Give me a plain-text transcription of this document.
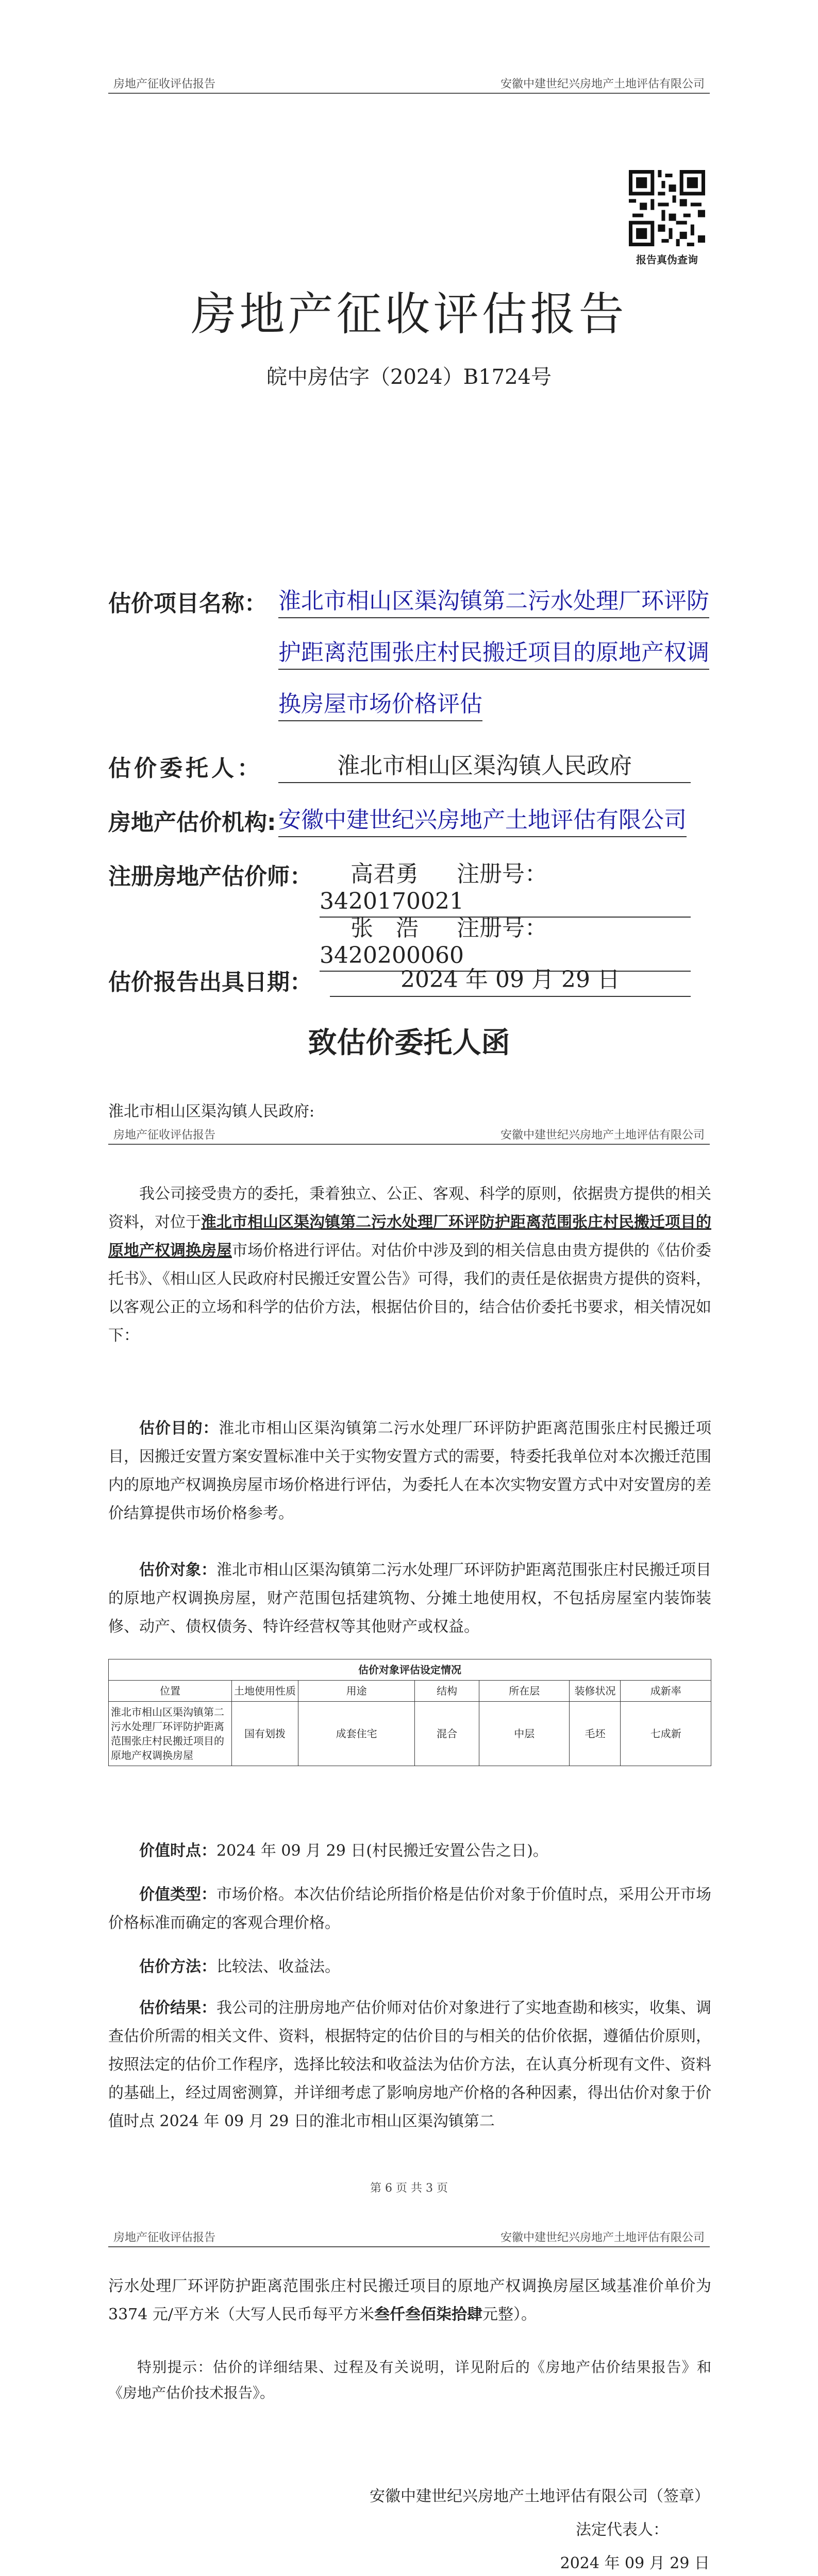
房地产征收评估报告	安徽中建世纪兴房地产土地评估有限公司
报告真伪查询
房地产征收评估报告
皖中房估字（2024）B1724号
估价项目名称： 淮北市相山区渠沟镇第二污水处理厂环评防
护距离范围张庄村民搬迁项目的原地产权调
换房屋市场价格评估
估价委托人：	淮北市相山区渠沟镇人民政府
房地产估价机构: 安徽中建世纪兴房地产土地评估有限公司
注册房地产估价师：	高君勇 注册号：3420170021
张　浩 注册号：3420200060
估价报告出具日期：	2024 年 09 月 29 日
致估价委托人函
淮北市相山区渠沟镇人民政府:
房地产征收评估报告	安徽中建世纪兴房地产土地评估有限公司
我公司接受贵方的委托，秉着独立、公正、客观、科学的原则，依据贵方提供的相关资料，对位于淮北市相山区渠沟镇第二污水处理厂环评防护距离范围张庄村民搬迁项目的原地产权调换房屋市场价格进行评估。对估价中涉及到的相关信息由贵方提供的《估价委托书》、《相山区人民政府村民搬迁安置公告》可得，我们的责任是依据贵方提供的资料，以客观公正的立场和科学的估价方法，根据估价目的，结合估价委托书要求，相关情况如下：
估价目的：淮北市相山区渠沟镇第二污水处理厂环评防护距离范围张庄村民搬迁项目，因搬迁安置方案安置标准中关于实物安置方式的需要，特委托我单位对本次搬迁范围内的原地产权调换房屋市场价格进行评估，为委托人在本次实物安置方式中对安置房的差价结算提供市场价格参考。
估价对象：淮北市相山区渠沟镇第二污水处理厂环评防护距离范围张庄村民搬迁项目的原地产权调换房屋，财产范围包括建筑物、分摊土地使用权，不包括房屋室内装饰装修、动产、债权债务、特许经营权等其他财产或权益。
估价对象评估设定情况						
位置	土地使用性质	用途	结构	所在层	装修状况	成新率
淮北市相山区渠沟镇第二污水处理厂环评防护距离范围张庄村民搬迁项目的原地产权调换房屋	国有划拨	成套住宅	混合	中层	毛坯	七成新
价值时点：2024 年 09 月 29 日(村民搬迁安置公告之日)。
价值类型：市场价格。本次估价结论所指价格是估价对象于价值时点，采用公开市场价格标准而确定的客观合理价格。
估价方法：比较法、收益法。
估价结果：我公司的注册房地产估价师对估价对象进行了实地查勘和核实，收集、调查估价所需的相关文件、资料，根据特定的估价目的与相关的估价依据，遵循估价原则，按照法定的估价工作程序，选择比较法和收益法为估价方法，在认真分析现有文件、资料的基础上，经过周密测算，并详细考虑了影响房地产价格的各种因素，得出估价对象于价值时点 2024 年 09 月 29 日的淮北市相山区渠沟镇第二
第 6 页 共 3 页
房地产征收评估报告	安徽中建世纪兴房地产土地评估有限公司
污水处理厂环评防护距离范围张庄村民搬迁项目的原地产权调换房屋区域基准价单价为 3374 元/平方米（大写人民币每平方米叁仟叁佰柒拾肆元整）。
特别提示：估价的详细结果、过程及有关说明，详见附后的《房地产估价结果报告》和《房地产估价技术报告》。
安徽中建世纪兴房地产土地评估有限公司（签章）
法定代表人：
2024 年 09 月 29 日
